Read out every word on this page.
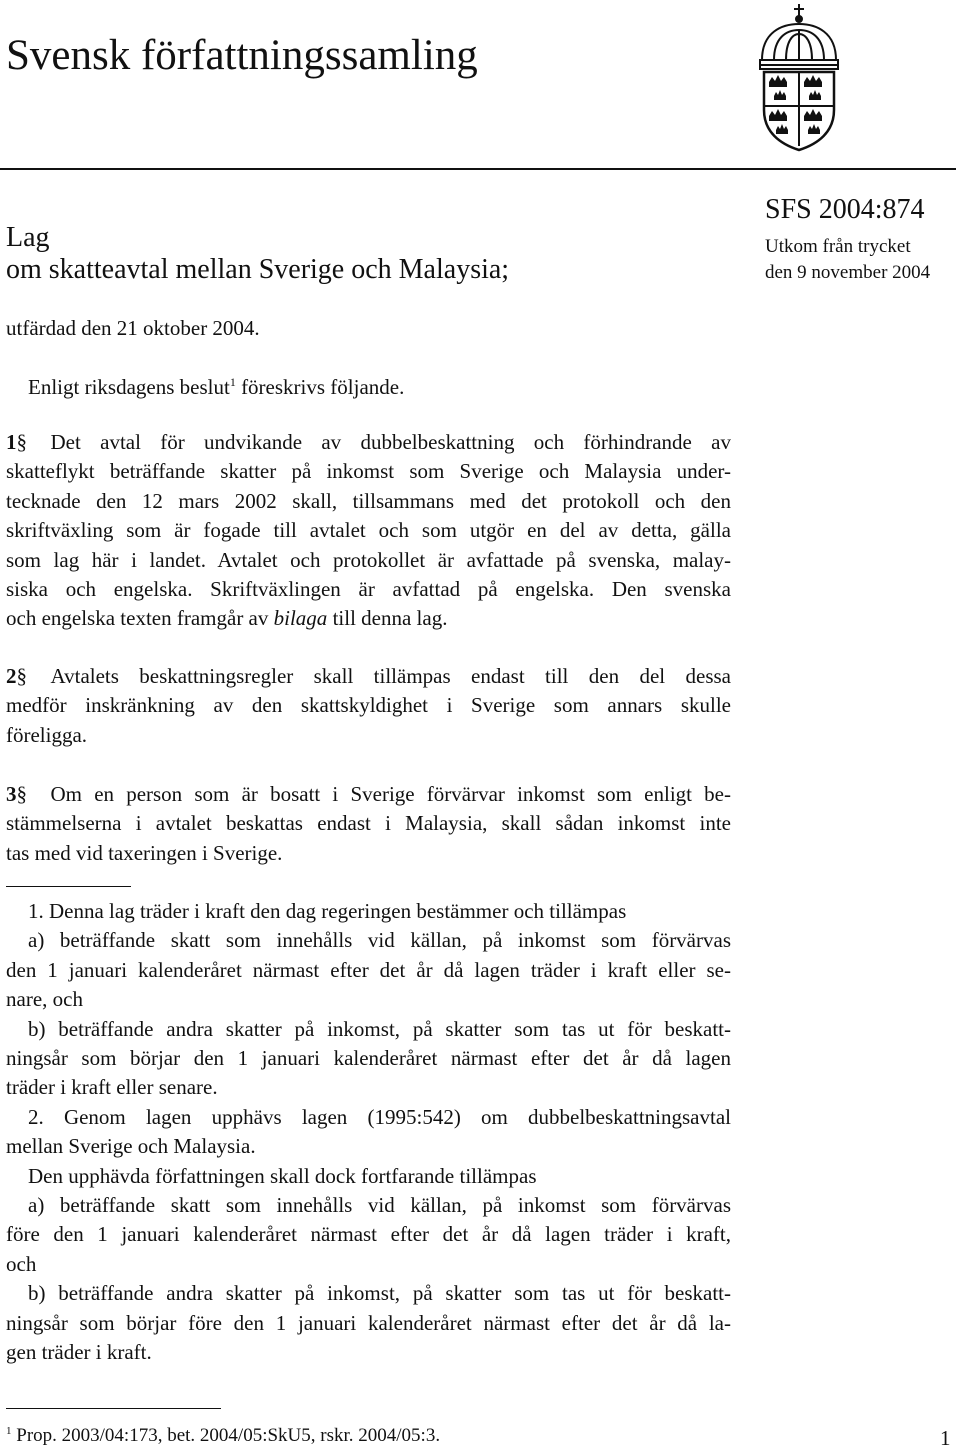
Svensk författningssamling
Lag
om skatteavtal mellan Sverige och Malaysia;
SFS 2004:874
Utkom från trycket
den 9 november 2004
utfärdad den 21 oktober 2004.
Enligt riksdagens beslut$^1$ föreskrivs följande.
1§ Det avtal för undvikande av dubbelbeskattning och förhindrande av
skatteflykt beträffande skatter på inkomst som Sverige och Malaysia under-
tecknade den 12 mars 2002 skall, tillsammans med det protokoll och den
skriftväxling som är fogade till avtalet och som utgör en del av detta, gälla
som lag här i landet. Avtalet och protokollet är avfattade på svenska, malay-
siska och engelska. Skriftväxlingen är avfattad på engelska. Den svenska
och engelska texten framgår av bilaga till denna lag.
2§ Avtalets beskattningsregler skall tillämpas endast till den del dessa
medför inskränkning av den skattskyldighet i Sverige som annars skulle
föreligga.
3§ Om en person som är bosatt i Sverige förvärvar inkomst som enligt be-
stämmelserna i avtalet beskattas endast i Malaysia, skall sådan inkomst inte
tas med vid taxeringen i Sverige.
1. Denna lag träder i kraft den dag regeringen bestämmer och tillämpas
a) beträffande skatt som innehålls vid källan, på inkomst som förvärvas
den 1 januari kalenderåret närmast efter det år då lagen träder i kraft eller se-
nare, och
b) beträffande andra skatter på inkomst, på skatter som tas ut för beskatt-
ningsår som börjar den 1 januari kalenderåret närmast efter det år då lagen
träder i kraft eller senare.
2. Genom lagen upphävs lagen (1995:542) om dubbelbeskattningsavtal
mellan Sverige och Malaysia.
Den upphävda författningen skall dock fortfarande tillämpas
a) beträffande skatt som innehålls vid källan, på inkomst som förvärvas
före den 1 januari kalenderåret närmast efter det år då lagen träder i kraft,
och
b) beträffande andra skatter på inkomst, på skatter som tas ut för beskatt-
ningsår som börjar före den 1 januari kalenderåret närmast efter det år då la-
gen träder i kraft.
$^1$ Prop. 2003/04:173, bet. 2004/05:SkU5, rskr. 2004/05:3.	1
